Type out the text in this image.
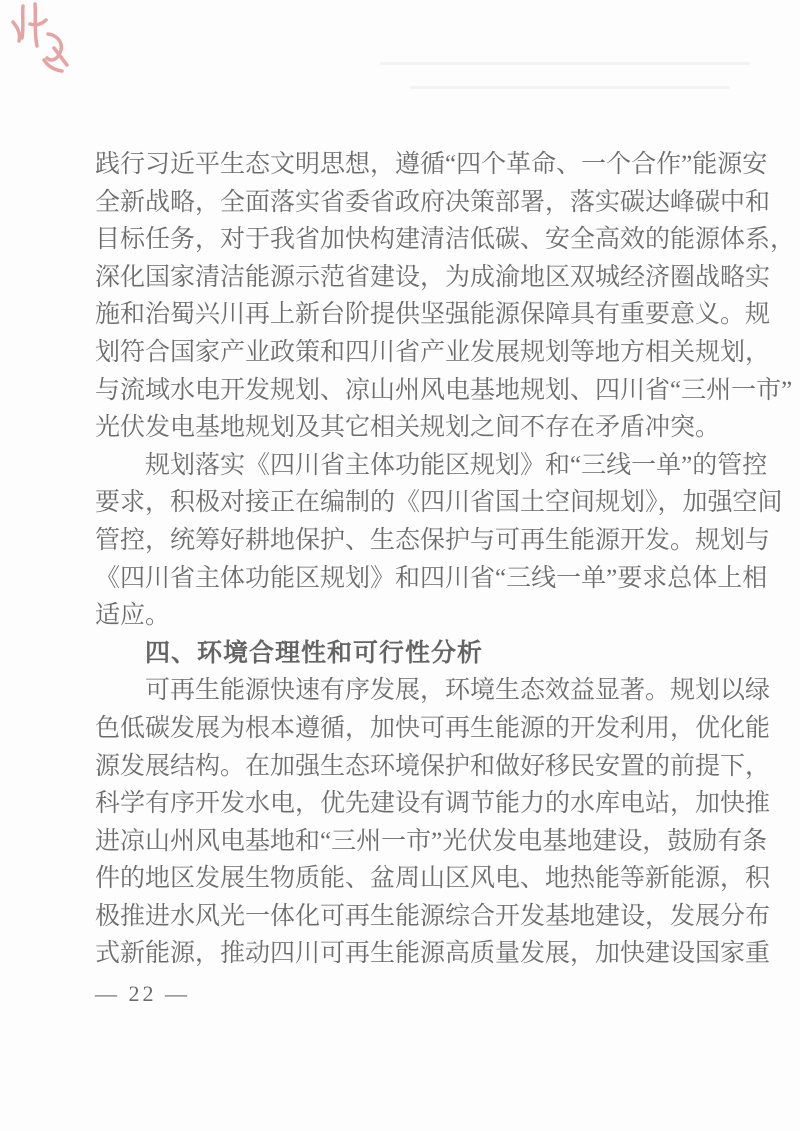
践行习近平生态文明思想，遵循“四个革命、一个合作”能源安
全新战略，全面落实省委省政府决策部署，落实碳达峰碳中和
目标任务，对于我省加快构建清洁低碳、安全高效的能源体系，
深化国家清洁能源示范省建设，为成渝地区双城经济圈战略实
施和治蜀兴川再上新台阶提供坚强能源保障具有重要意义。规
划符合国家产业政策和四川省产业发展规划等地方相关规划，
与流域水电开发规划、凉山州风电基地规划、四川省“三州一市”
光伏发电基地规划及其它相关规划之间不存在矛盾冲突。
规划落实《四川省主体功能区规划》和“三线一单”的管控
要求，积极对接正在编制的《四川省国土空间规划》，加强空间
管控，统筹好耕地保护、生态保护与可再生能源开发。规划与
《四川省主体功能区规划》和四川省“三线一单”要求总体上相
适应。
四、环境合理性和可行性分析
可再生能源快速有序发展，环境生态效益显著。规划以绿
色低碳发展为根本遵循，加快可再生能源的开发利用，优化能
源发展结构。在加强生态环境保护和做好移民安置的前提下，
科学有序开发水电，优先建设有调节能力的水库电站，加快推
进凉山州风电基地和“三州一市”光伏发电基地建设，鼓励有条
件的地区发展生物质能、盆周山区风电、地热能等新能源，积
极推进水风光一体化可再生能源综合开发基地建设，发展分布
式新能源，推动四川可再生能源高质量发展，加快建设国家重
— 22 —
